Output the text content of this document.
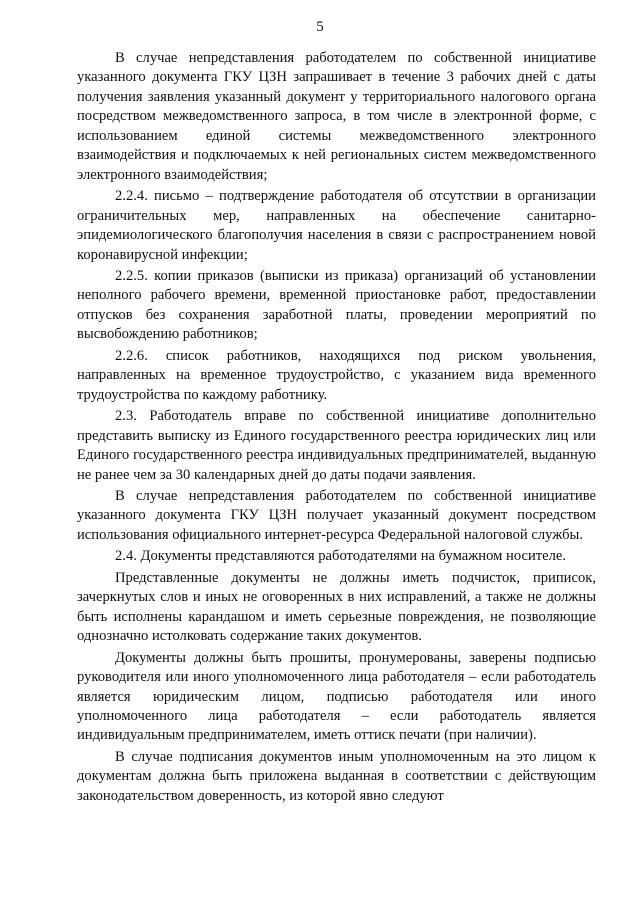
5

В случае непредставления работодателем по собственной инициативе указанного документа ГКУ ЦЗН запрашивает в течение 3 рабочих дней с даты получения заявления указанный документ у территориального налогового органа посредством межведомственного запроса, в том числе в электронной форме, с использованием единой системы межведомственного электронного взаимодействия и подключаемых к ней региональных систем межведомственного электронного взаимодействия;

2.2.4. письмо – подтверждение работодателя об отсутствии в организации ограничительных мер, направленных на обеспечение санитарно-эпидемиологического благополучия населения в связи с распространением новой коронавирусной инфекции;

2.2.5. копии приказов (выписки из приказа) организаций об установлении неполного рабочего времени, временной приостановке работ, предоставлении отпусков без сохранения заработной платы, проведении мероприятий по высвобождению работников;

2.2.6. список работников, находящихся под риском увольнения, направленных на временное трудоустройство, с указанием вида временного трудоустройства по каждому работнику.

2.3. Работодатель вправе по собственной инициативе дополнительно представить выписку из Единого государственного реестра юридических лиц или Единого государственного реестра индивидуальных предпринимателей, выданную не ранее чем за 30 календарных дней до даты подачи заявления.

В случае непредставления работодателем по собственной инициативе указанного документа ГКУ ЦЗН получает указанный документ посредством использования официального интернет-ресурса Федеральной налоговой службы.

2.4. Документы представляются работодателями на бумажном носителе.

Представленные документы не должны иметь подчисток, приписок, зачеркнутых слов и иных не оговоренных в них исправлений, а также не должны быть исполнены карандашом и иметь серьезные повреждения, не позволяющие однозначно истолковать содержание таких документов.

Документы должны быть прошиты, пронумерованы, заверены подписью руководителя или иного уполномоченного лица работодателя – если работодатель является юридическим лицом, подписью работодателя или иного уполномоченного лица работодателя – если работодатель является индивидуальным предпринимателем, иметь оттиск печати (при наличии).

В случае подписания документов иным уполномоченным на это лицом к документам должна быть приложена выданная в соответствии с действующим законодательством доверенность, из которой явно следуют
